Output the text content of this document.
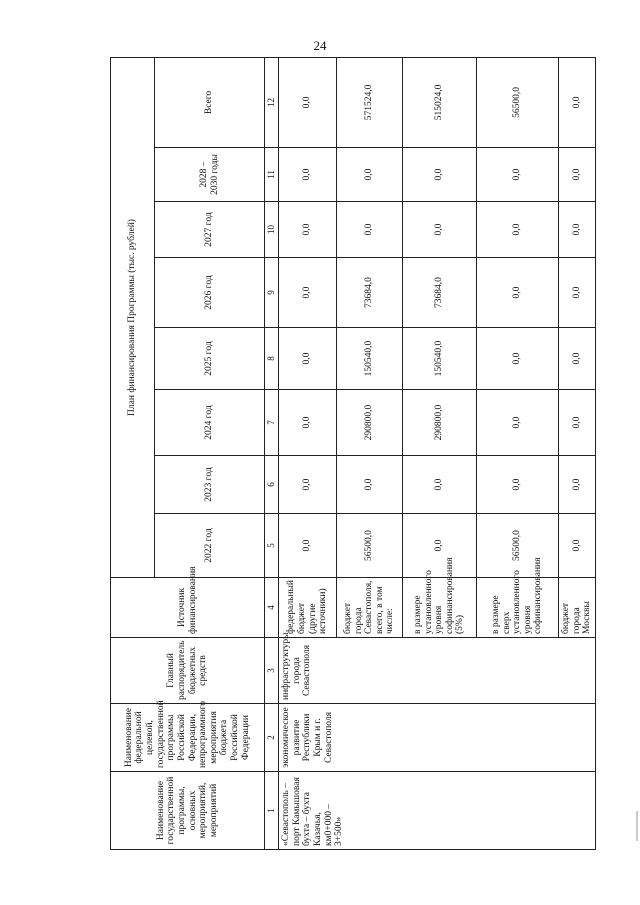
24
Наименование государственной программы, основных мероприятий, мероприятий	Наименование федеральной целевой, государственной программы Российской Федерации, непрограммного мероприятия бюджета Российской Федерации	Главный распорядитель бюджетных средств	Источник финансирования	План финансирования Программы (тыс. рублей)							
				2022 год	2023 год	2024 год	2025 год	2026 год	2027 год	2028 – 2030 годы	Всего
1	2	3	4	5	6	7	8	9	10	11	12
«Севастополь – порт Камышовая бухта – бухта Казачья, км0+000 – 3+500»	экономическое развитие Республики Крым и г. Севастополя	инфраструктуры города Севастополя	федеральный бюджет (другие источники)	0,0	0,0	0,0	0,0	0,0	0,0	0,0	0,0
			бюджет города Севастополя, всего, в том числе:	56500,0	0,0	290800,0	150540,0	73684,0	0,0	0,0	571524,0
			в размере установленного уровня софинансирования (5%)	0,0	0,0	290800,0	150540,0	73684,0	0,0	0,0	515024,0
			в размере сверх установленного уровня софинансирования	56500,0	0,0	0,0	0,0	0,0	0,0	0,0	56500,0
			бюджет города Москвы	0,0	0,0	0,0	0,0	0,0	0,0	0,0	0,0
